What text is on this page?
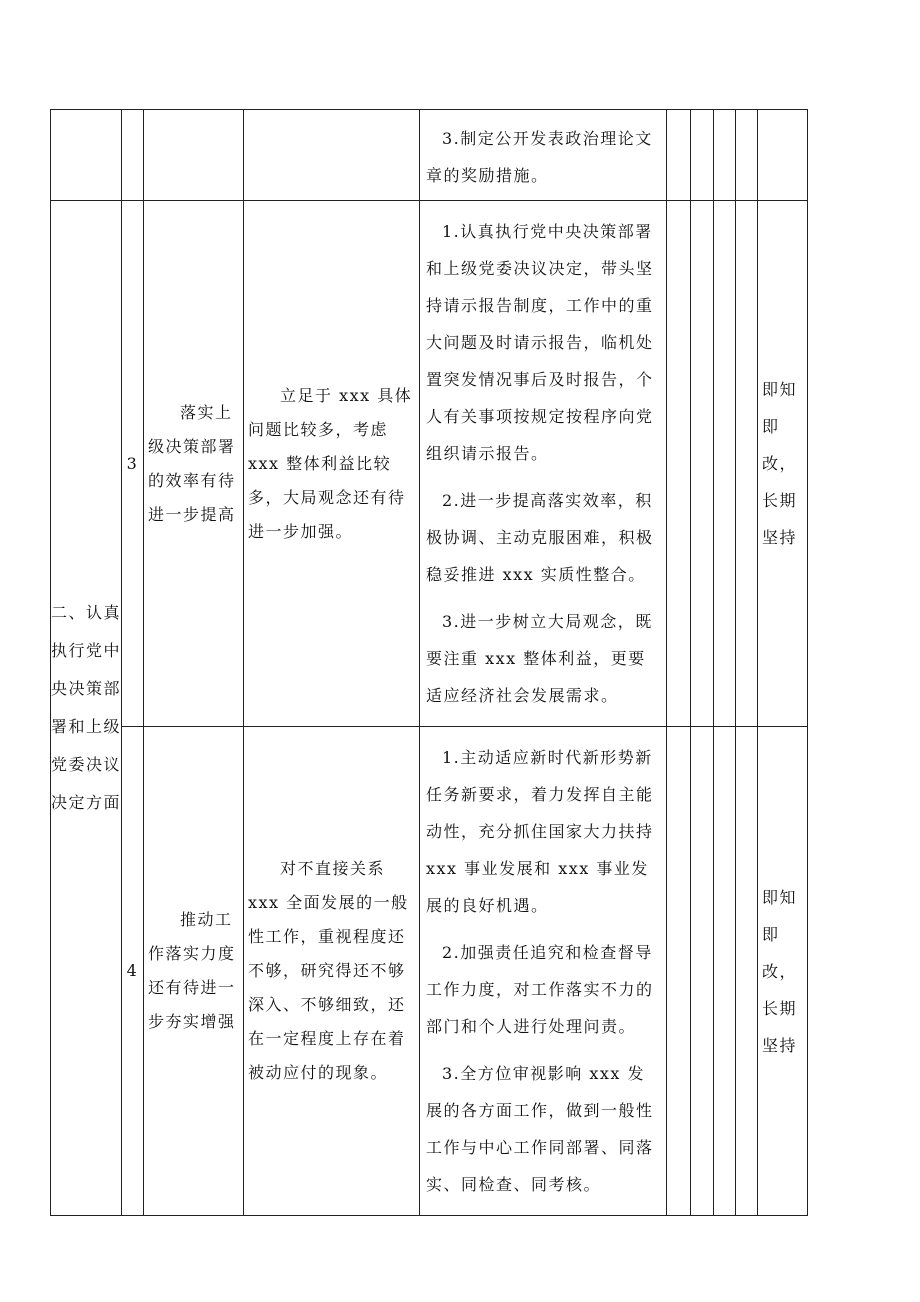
				3.制定公开发表政治理论文章的奖励措施。					

二、认真执行党中央决策部署和上级党委决议决定方面	3	落实上级决策部署的效率有待进一步提高	立足于 xxx 具体问题比较多，考虑 xxx 整体利益比较多，大局观念还有待进一步加强。	1.认真执行党中央决策部署和上级党委决议决定，带头坚持请示报告制度，工作中的重大问题及时请示报告，临机处置突发情况事后及时报告，个人有关事项按规定按程序向党组织请示报告。

2.进一步提高落实效率，积极协调、主动克服困难，积极稳妥推进 xxx 实质性整合。

3.进一步树立大局观念，既要注重 xxx 整体利益，更要适应经济社会发展需求。					即知即改，长期坚持
	4	推动工作落实力度还有待进一步夯实增强	对不直接关系 xxx 全面发展的一般性工作，重视程度还不够，研究得还不够深入、不够细致，还在一定程度上存在着被动应付的现象。	1.主动适应新时代新形势新任务新要求，着力发挥自主能动性，充分抓住国家大力扶持 xxx 事业发展和 xxx 事业发展的良好机遇。

2.加强责任追究和检查督导工作力度，对工作落实不力的部门和个人进行处理问责。

3.全方位审视影响 xxx 发展的各方面工作，做到一般性工作与中心工作同部署、同落实、同检查、同考核。					即知即改，长期坚持
